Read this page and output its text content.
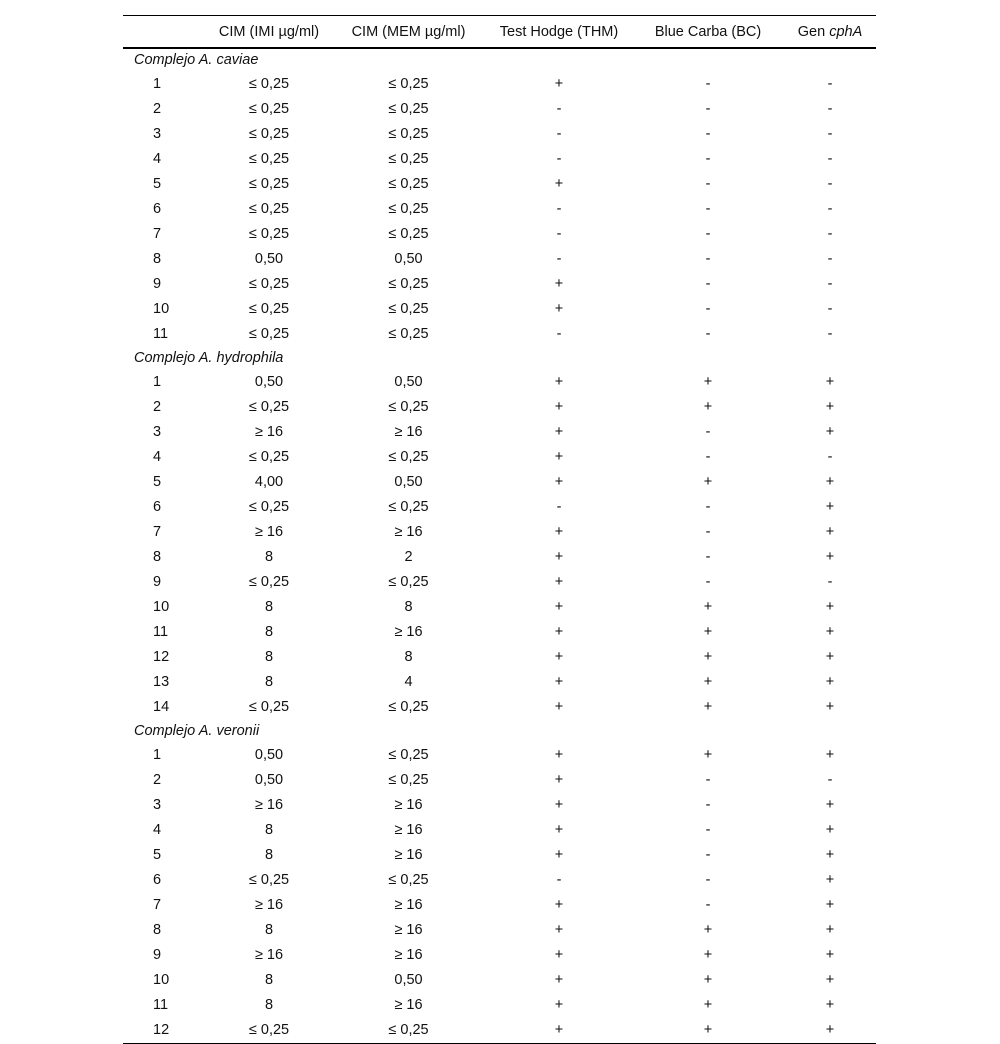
	CIM (IMI µg/ml)	CIM (MEM µg/ml)	Test Hodge (THM)	Blue Carba (BC)	Gen cphA
Complejo A. caviae					
1	≤ 0,25	≤ 0,25	+	-	-
2	≤ 0,25	≤ 0,25	-	-	-
3	≤ 0,25	≤ 0,25	-	-	-
4	≤ 0,25	≤ 0,25	-	-	-
5	≤ 0,25	≤ 0,25	+	-	-
6	≤ 0,25	≤ 0,25	-	-	-
7	≤ 0,25	≤ 0,25	-	-	-
8	0,50	0,50	-	-	-
9	≤ 0,25	≤ 0,25	+	-	-
10	≤ 0,25	≤ 0,25	+	-	-
11	≤ 0,25	≤ 0,25	-	-	-
Complejo A. hydrophila					
1	0,50	0,50	+	+	+
2	≤ 0,25	≤ 0,25	+	+	+
3	≥ 16	≥ 16	+	-	+
4	≤ 0,25	≤ 0,25	+	-	-
5	4,00	0,50	+	+	+
6	≤ 0,25	≤ 0,25	-	-	+
7	≥ 16	≥ 16	+	-	+
8	8	2	+	-	+
9	≤ 0,25	≤ 0,25	+	-	-
10	8	8	+	+	+
11	8	≥ 16	+	+	+
12	8	8	+	+	+
13	8	4	+	+	+
14	≤ 0,25	≤ 0,25	+	+	+
Complejo A. veronii					
1	0,50	≤ 0,25	+	+	+
2	0,50	≤ 0,25	+	-	-
3	≥ 16	≥ 16	+	-	+
4	8	≥ 16	+	-	+
5	8	≥ 16	+	-	+
6	≤ 0,25	≤ 0,25	-	-	+
7	≥ 16	≥ 16	+	-	+
8	8	≥ 16	+	+	+
9	≥ 16	≥ 16	+	+	+
10	8	0,50	+	+	+
11	8	≥ 16	+	+	+
12	≤ 0,25	≤ 0,25	+	+	+
